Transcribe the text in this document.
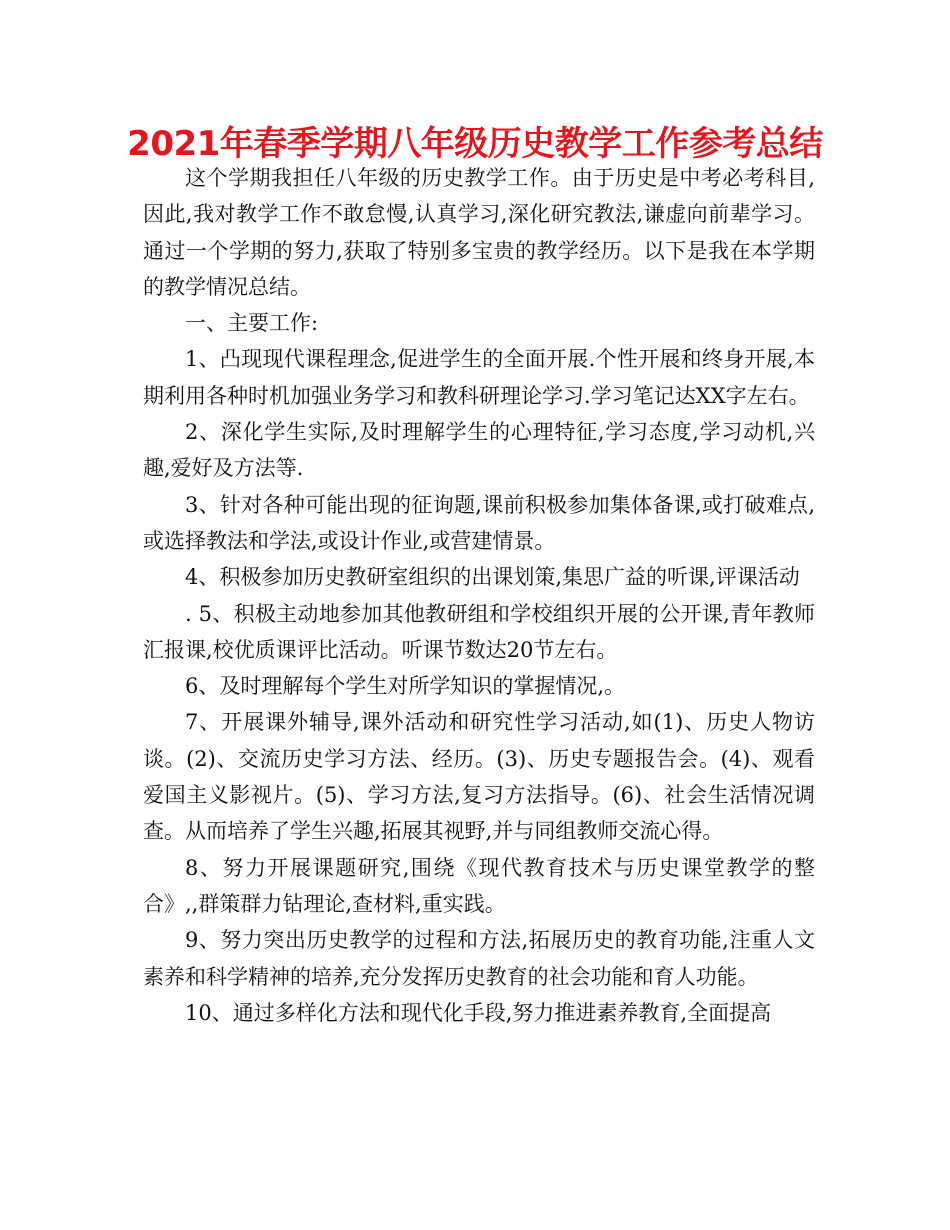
2021年春季学期八年级历史教学工作参考总结

这个学期我担任八年级的历史教学工作。由于历史是中考必考科目,因此,我对教学工作不敢怠慢,认真学习,深化研究教法,谦虚向前辈学习。通过一个学期的努力,获取了特别多宝贵的教学经历。以下是我在本学期的教学情况总结。

一、主要工作:

1、凸现现代课程理念,促进学生的全面开展.个性开展和终身开展,本期利用各种时机加强业务学习和教科研理论学习.学习笔记达XX字左右。

2、深化学生实际,及时理解学生的心理特征,学习态度,学习动机,兴趣,爱好及方法等.

3、针对各种可能出现的征询题,课前积极参加集体备课,或打破难点,或选择教法和学法,或设计作业,或营建情景。

4、积极参加历史教研室组织的出课划策,集思广益的听课,评课活动

. 5、积极主动地参加其他教研组和学校组织开展的公开课,青年教师汇报课,校优质课评比活动。听课节数达20节左右。

6、及时理解每个学生对所学知识的掌握情况,。

7、开展课外辅导,课外活动和研究性学习活动,如(1)、历史人物访谈。(2)、交流历史学习方法、经历。(3)、历史专题报告会。(4)、观看爱国主义影视片。(5)、学习方法,复习方法指导。(6)、社会生活情况调查。从而培养了学生兴趣,拓展其视野,并与同组教师交流心得。

8、努力开展课题研究,围绕《现代教育技术与历史课堂教学的整合》,,群策群力钻理论,查材料,重实践。

9、努力突出历史教学的过程和方法,拓展历史的教育功能,注重人文素养和科学精神的培养,充分发挥历史教育的社会功能和育人功能。

10、通过多样化方法和现代化手段,努力推进素养教育,全面提高
